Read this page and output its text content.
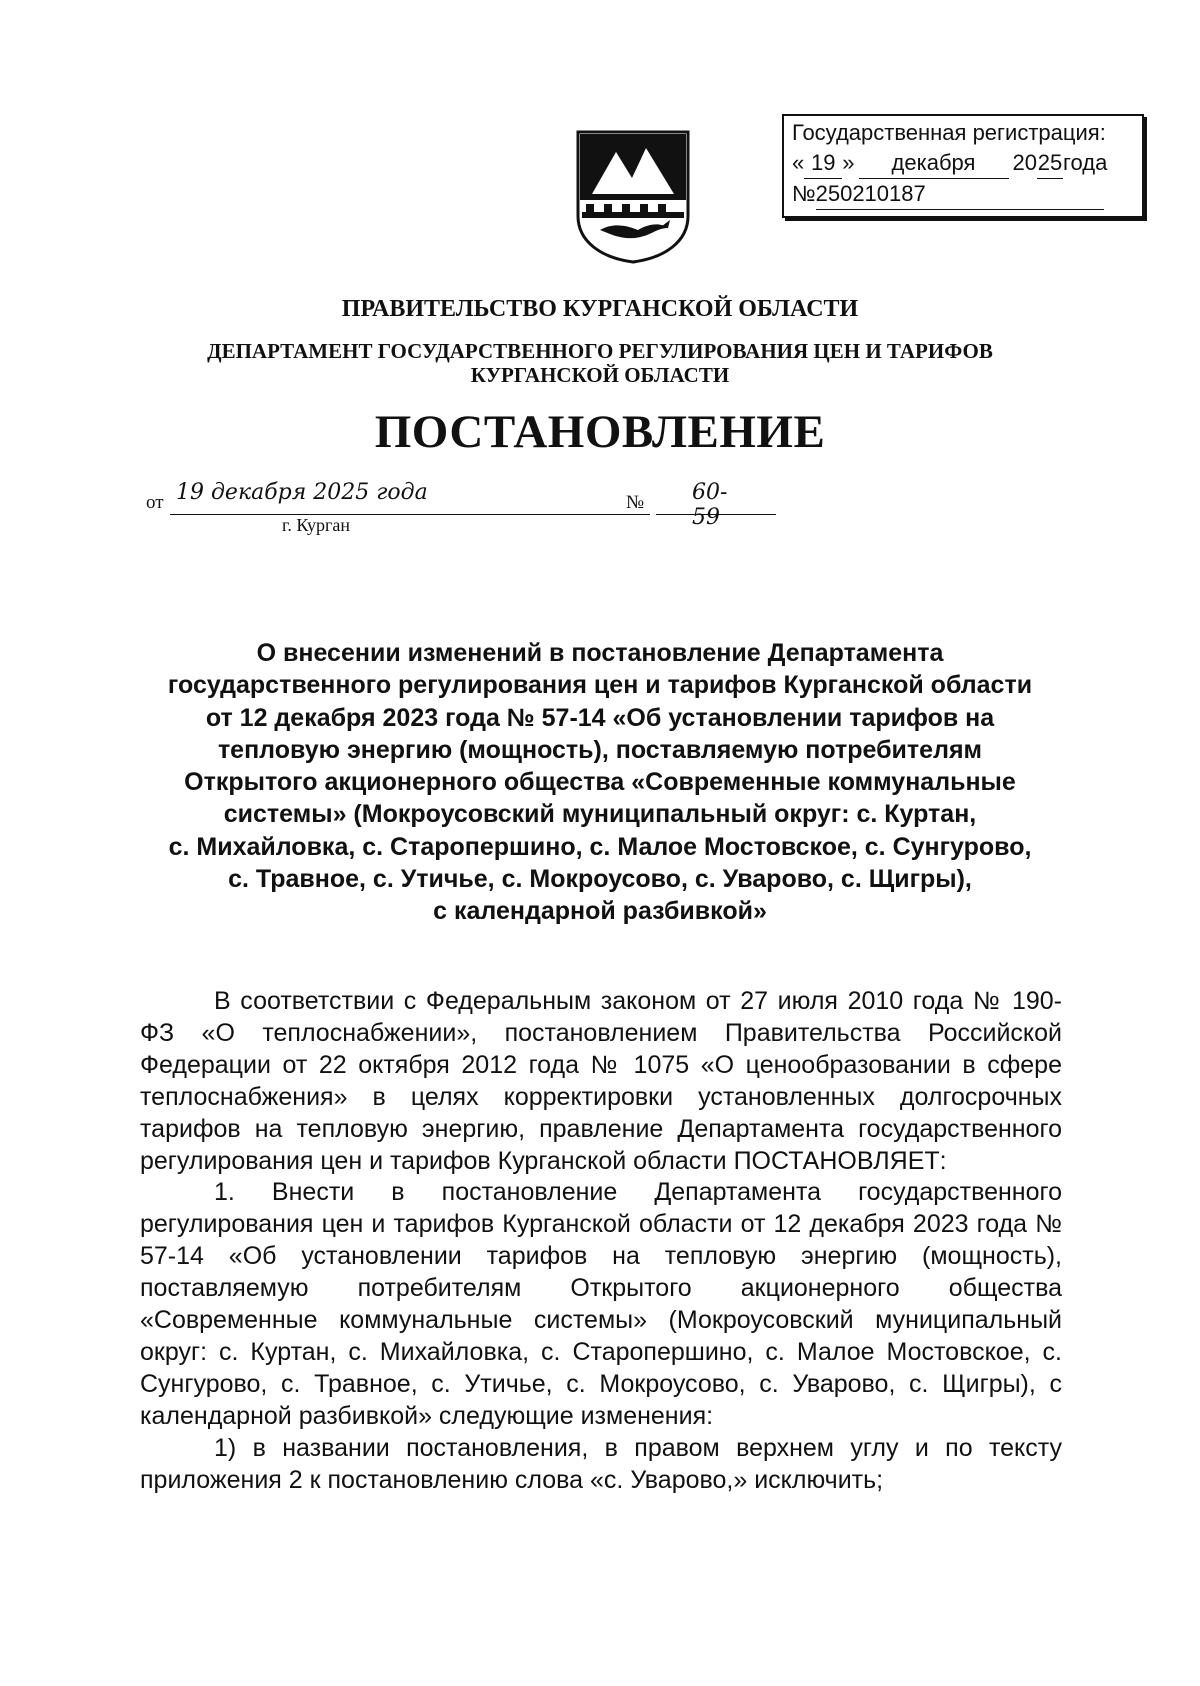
Государственная регистрация:
« 19 »	декабря	20 25 года
№ 250210187
ПРАВИТЕЛЬСТВО КУРГАНСКОЙ ОБЛАСТИ
ДЕПАРТАМЕНТ ГОСУДАРСТВЕННОГО РЕГУЛИРОВАНИЯ ЦЕН И ТАРИФОВ
КУРГАНСКОЙ ОБЛАСТИ
ПОСТАНОВЛЕНИЕ
от 19 декабря 2025 года	№ 60-59
г. Курган
О внесении изменений в постановление Департамента
государственного регулирования цен и тарифов Курганской области
от 12 декабря 2023 года № 57-14 «Об установлении тарифов на
тепловую энергию (мощность), поставляемую потребителям
Открытого акционерного общества «Современные коммунальные
системы» (Мокроусовский муниципальный округ: с. Куртан,
с. Михайловка, с. Старопершино, с. Малое Мостовское, с. Сунгурово,
с. Травное, с. Утичье, с. Мокроусово, с. Уварово, с. Щигры),
с календарной разбивкой»

В соответствии с Федеральным законом от 27 июля 2010 года № 190-ФЗ «О теплоснабжении», постановлением Правительства Российской Федерации от 22 октября 2012 года № 1075 «О ценообразовании в сфере теплоснабжения» в целях корректировки установленных долгосрочных тарифов на тепловую энергию, правление Департамента государственного регулирования цен и тарифов Курганской области ПОСТАНОВЛЯЕТ:

1. Внести в постановление Департамента государственного регулирования цен и тарифов Курганской области от 12 декабря 2023 года № 57-14 «Об установлении тарифов на тепловую энергию (мощность), поставляемую потребителям Открытого акционерного общества «Современные коммунальные системы» (Мокроусовский муниципальный округ: с. Куртан, с. Михайловка, с. Старопершино, с. Малое Мостовское, с. Сунгурово, с. Травное, с. Утичье, с. Мокроусово, с. Уварово, с. Щигры), с календарной разбивкой» следующие изменения:

1) в названии постановления, в правом верхнем углу и по тексту приложения 2 к постановлению слова «с. Уварово,» исключить;
